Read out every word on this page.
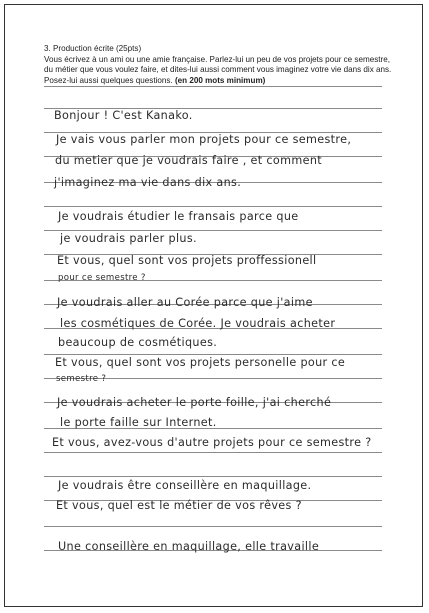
3. Production écrite (25pts)
Vous écrivez à un ami ou une amie française. Parlez-lui un peu de vos projets pour ce semestre, du métier que vous voulez faire, et dites-lui aussi comment vous imaginez votre vie dans dix ans. Posez-lui aussi quelques questions. (en 200 mots minimum)
Bonjour ! C'est Kanako.
Je vais vous parler mon projets pour ce semestre,
du metier que je voudrais faire , et comment
j'imaginez ma vie dans dix ans.
Je voudrais étudier le fransais parce que
je voudrais parler plus.
Et vous, quel sont vos projets proffessionell
pour ce semestre ?
Je voudrais aller au Corée parce que j'aime
les cosmétiques de Corée. Je voudrais acheter
beaucoup de cosmétiques.
Et vous, quel sont vos projets personelle pour ce
semestre ?
Je voudrais acheter le porte foille, j'ai cherché
le porte faille sur Internet.
Et vous, avez-vous d'autre projets pour ce semestre ?
Je voudrais être conseillère en maquillage.
Et vous, quel est le métier de vos rêves ?
Une conseillère en maquillage, elle travaille
